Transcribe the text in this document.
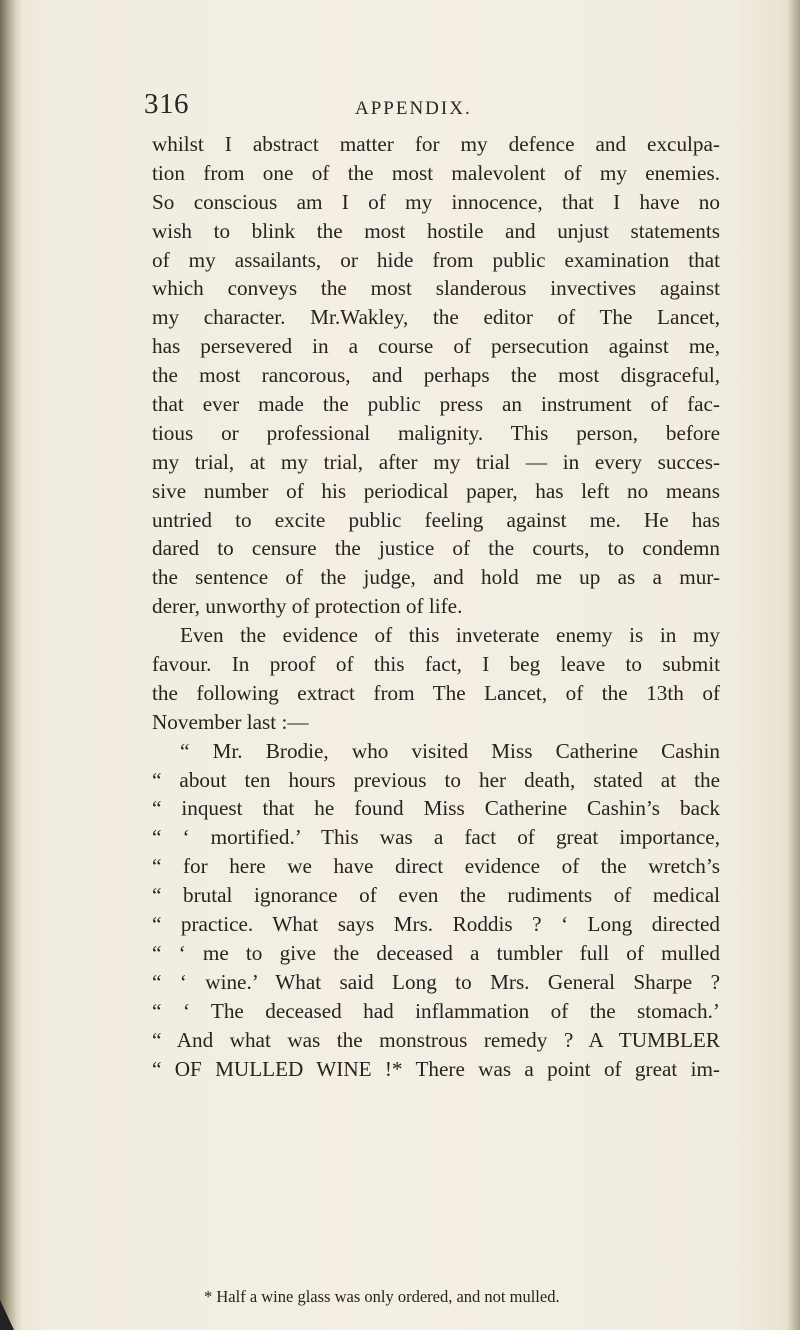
316	APPENDIX.
whilst I abstract matter for my defence and exculpa-
tion from one of the most malevolent of my enemies.
So conscious am I of my innocence, that I have no
wish to blink the most hostile and unjust statements
of my assailants, or hide from public examination that
which conveys the most slanderous invectives against
my character. Mr.Wakley, the editor of The Lancet,
has persevered in a course of persecution against me,
the most rancorous, and perhaps the most disgraceful,
that ever made the public press an instrument of fac-
tious or professional malignity. This person, before
my trial, at my trial, after my trial — in every succes-
sive number of his periodical paper, has left no means
untried to excite public feeling against me. He has
dared to censure the justice of the courts, to condemn
the sentence of the judge, and hold me up as a mur-
derer, unworthy of protection of life.
Even the evidence of this inveterate enemy is in my
favour. In proof of this fact, I beg leave to submit
the following extract from The Lancet, of the 13th of
November last :—
“ Mr. Brodie, who visited Miss Catherine Cashin
“ about ten hours previous to her death, stated at the
“ inquest that he found Miss Catherine Cashin’s back
“ ‘ mortified.’ This was a fact of great importance,
“ for here we have direct evidence of the wretch’s
“ brutal ignorance of even the rudiments of medical
“ practice. What says Mrs. Roddis ? ‘ Long directed
“ ‘ me to give the deceased a tumbler full of mulled
“ ‘ wine.’ What said Long to Mrs. General Sharpe ?
“ ‘ The deceased had inflammation of the stomach.’
“ And what was the monstrous remedy ? A TUMBLER
“ OF MULLED WINE !* There was a point of great im-
* Half a wine glass was only ordered, and not mulled.
